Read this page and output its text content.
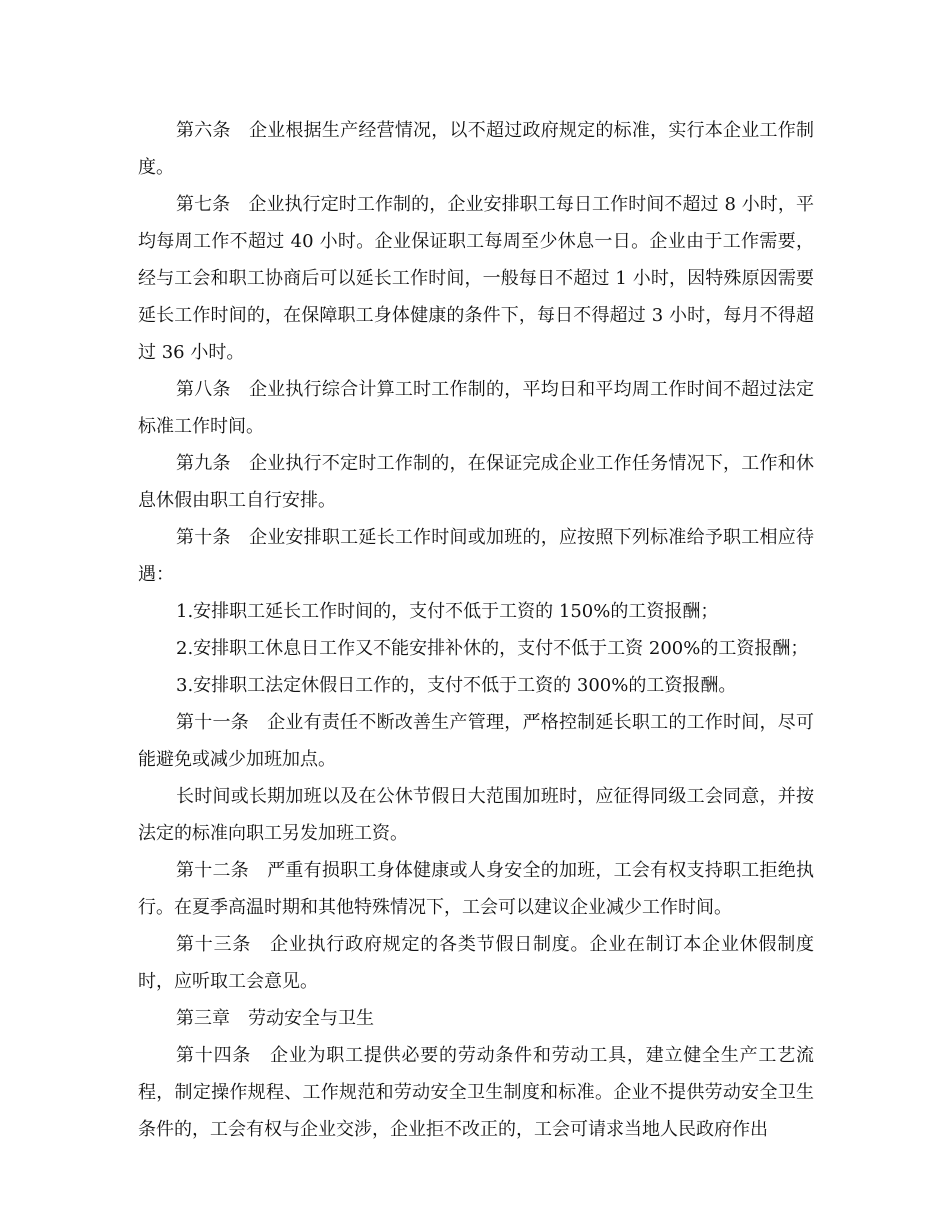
第六条　企业根据生产经营情况，以不超过政府规定的标准，实行本企业工作制度。

第七条　企业执行定时工作制的，企业安排职工每日工作时间不超过 8 小时，平均每周工作不超过 40 小时。企业保证职工每周至少休息一日。企业由于工作需要，经与工会和职工协商后可以延长工作时间，一般每日不超过 1 小时，因特殊原因需要延长工作时间的，在保障职工身体健康的条件下，每日不得超过 3 小时，每月不得超过 36 小时。

第八条　企业执行综合计算工时工作制的，平均日和平均周工作时间不超过法定标准工作时间。

第九条　企业执行不定时工作制的，在保证完成企业工作任务情况下，工作和休息休假由职工自行安排。

第十条　企业安排职工延长工作时间或加班的，应按照下列标准给予职工相应待遇：

1.安排职工延长工作时间的，支付不低于工资的 150%的工资报酬；

2.安排职工休息日工作又不能安排补休的，支付不低于工资 200%的工资报酬；

3.安排职工法定休假日工作的，支付不低于工资的 300%的工资报酬。

第十一条　企业有责任不断改善生产管理，严格控制延长职工的工作时间，尽可能避免或减少加班加点。

长时间或长期加班以及在公休节假日大范围加班时，应征得同级工会同意，并按法定的标准向职工另发加班工资。

第十二条　严重有损职工身体健康或人身安全的加班，工会有权支持职工拒绝执行。在夏季高温时期和其他特殊情况下，工会可以建议企业减少工作时间。

第十三条　企业执行政府规定的各类节假日制度。企业在制订本企业休假制度时，应听取工会意见。

第三章　劳动安全与卫生

第十四条　企业为职工提供必要的劳动条件和劳动工具，建立健全生产工艺流程，制定操作规程、工作规范和劳动安全卫生制度和标准。企业不提供劳动安全卫生条件的，工会有权与企业交涉，企业拒不改正的，工会可请求当地人民政府作出
